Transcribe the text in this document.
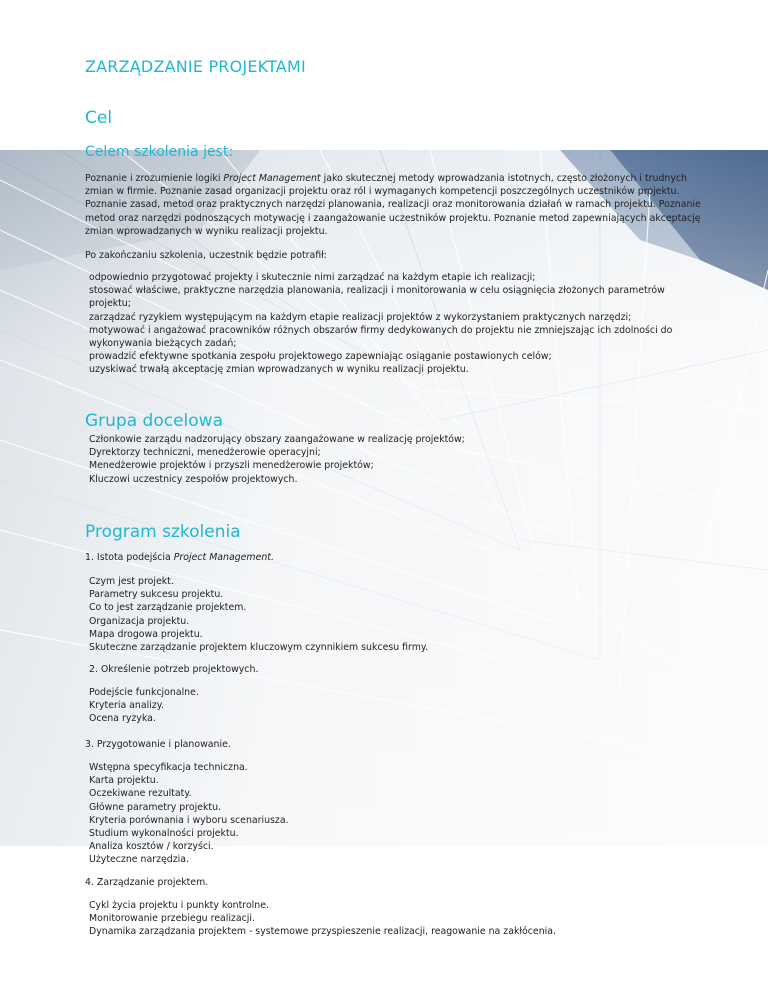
ZARZĄDZANIE PROJEKTAMI
Cel
Celem szkolenia jest:

Poznanie i zrozumienie logiki Project Management jako skutecznej metody wprowadzania istotnych, często złożonych i trudnych zmian w firmie. Poznanie zasad organizacji projektu oraz ról i wymaganych kompetencji poszczególnych uczestników projektu. Poznanie zasad, metod oraz praktycznych narzędzi planowania, realizacji oraz monitorowania działań w ramach projektu. Poznanie metod oraz narzędzi podnoszących motywację i zaangażowanie uczestników projektu. Poznanie metod zapewniających akceptację zmian wprowadzanych w wyniku realizacji projektu.

Po zakończaniu szkolenia, uczestnik będzie potrafił:

odpowiednio przygotować projekty i skutecznie nimi zarządzać na każdym etapie ich realizacji;
stosować właściwe, praktyczne narzędzia planowania, realizacji i monitorowania w celu osiągnięcia złożonych parametrów projektu;
zarządzać ryzykiem występującym na każdym etapie realizacji projektów z wykorzystaniem praktycznych narzędzi;
motywować i angażować pracowników różnych obszarów firmy dedykowanych do projektu nie zmniejszając ich zdolności do wykonywania bieżących zadań;
prowadzić efektywne spotkania zespołu projektowego zapewniając osiąganie postawionych celów;
uzyskiwać trwałą akceptację zmian wprowadzanych w wyniku realizacji projektu.
Grupa docelowa
Członkowie zarządu nadzorujący obszary zaangażowane w realizację projektów;
Dyrektorzy techniczni, menedżerowie operacyjni;
Menedżerowie projektów i przyszli menedżerowie projektów;
Kluczowi uczestnicy zespołów projektowych.
Program szkolenia

1. Istota podejścia Project Management.

Czym jest projekt.
Parametry sukcesu projektu.
Co to jest zarządzanie projektem.
Organizacja projektu.
Mapa drogowa projektu.
Skuteczne zarządzanie projektem kluczowym czynnikiem sukcesu firmy.

2. Określenie potrzeb projektowych.

Podejście funkcjonalne.
Kryteria analizy.
Ocena ryzyka.

3. Przygotowanie i planowanie.

Wstępna specyfikacja techniczna.
Karta projektu.
Oczekiwane rezultaty.
Główne parametry projektu.
Kryteria porównania i wyboru scenariusza.
Studium wykonalności projektu.
Analiza kosztów / korzyści.
Użyteczne narzędzia.

4. Zarządzanie projektem.

Cykl życia projektu i punkty kontrolne.
Monitorowanie przebiegu realizacji.
Dynamika zarządzania projektem - systemowe przyspieszenie realizacji, reagowanie na zakłócenia.
